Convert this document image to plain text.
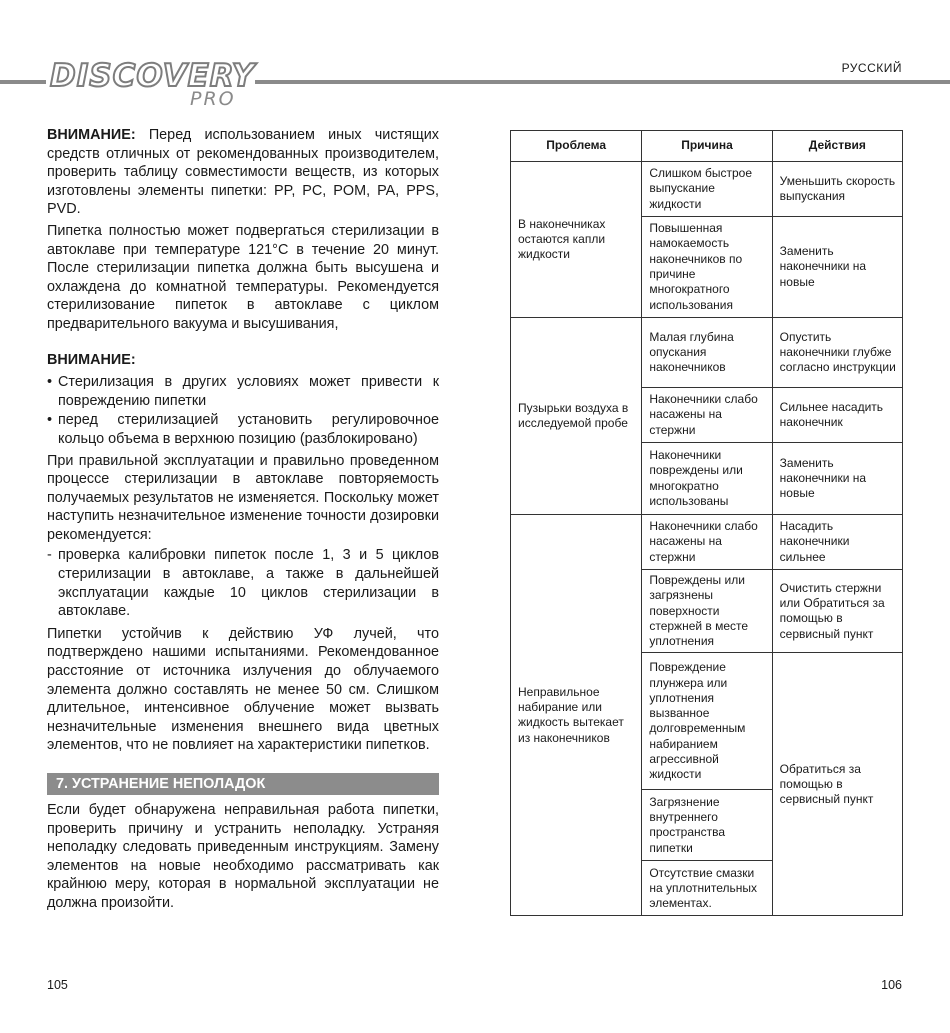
DISCOVERY
PRO
РУССКИЙ

ВНИМАНИЕ: Перед использованием иных чистящих средств отличных от рекомендованных производителем, проверить таблицу совместимости веществ, из которых изготовлены элементы пипетки: PP, PC, POM, PA, PPS, PVD.

Пипетка полностью может подвергаться стерилизации в автоклаве при температуре 121°С в течение 20 минут. После стерилизации пипетка должна быть высушена и охлаждена до комнатной температуры. Рекомендуется стерилизование пипеток в автоклаве с циклом предварительного вакуума и высушивания,

ВНИМАНИЕ:
• Стерилизация в других условиях может привести к повреждению пипетки
• перед стерилизацией установить регулировочное кольцо объема в верхнюю позицию (разблокировано)

При правильной эксплуатации и правильно проведенном процессе стерилизации в автоклаве повторяемость получаемых результатов не изменяется. Поскольку может наступить незначительное изменение точности дозировки рекомендуется:

- проверка калибровки пипеток после 1, 3 и 5 циклов стерилизации в автоклаве, а также в дальнейшей эксплуатации каждые 10 циклов стерилизации в автоклаве.

Пипетки устойчив к действию УФ лучей, что подтверждено нашими испытаниями. Рекомендованное расстояние от источника излучения до облучаемого элемента должно составлять не менее 50 см. Слишком длительное, интенсивное облучение может вызвать незначительные изменения внешнего вида цветных элементов, что не повлияет на характеристики пипетков.

7. УСТРАНЕНИЕ НЕПОЛАДОК

Если будет обнаружена неправильная работа пипетки, проверить причину и устранить неполадку. Устраняя неполадку следовать приведенным инструкциям. Замену элементов на новые необходимо рассматривать как крайнюю меру, которая в нормальной эксплуатации не должна произойти.

Проблема	Причина	Действия
В наконечниках остаются капли жидкости	Слишком быстрое выпускание жидкости	Уменьшить скорость выпускания
	Повышенная намокаемость наконечников по причине многократного использования	Заменить наконечники на новые
Пузырьки воздуха в исследуемой пробе	Малая глубина опускания наконечников	Опустить наконечники глубже согласно инструкции
	Наконечники слабо насажены на стержни	Сильнее насадить наконечник
	Наконечники повреждены или многократно использованы	Заменить наконечники на новые
Неправильное набирание или жидкость вытекает из наконечников	Наконечники слабо насажены на стержни	Насадить наконечники сильнее
	Повреждены или загрязнены поверхности стержней в месте уплотнения	Очистить стержни или Обратиться за помощью в сервисный пункт
	Повреждение плунжера или уплотнения вызванное долговременным набиранием агрессивной жидкости	Обратиться за помощью в сервисный пункт
	Загрязнение внутреннего пространства пипетки	
	Отсутствие смазки на уплотнительных элементах.	
105	106
